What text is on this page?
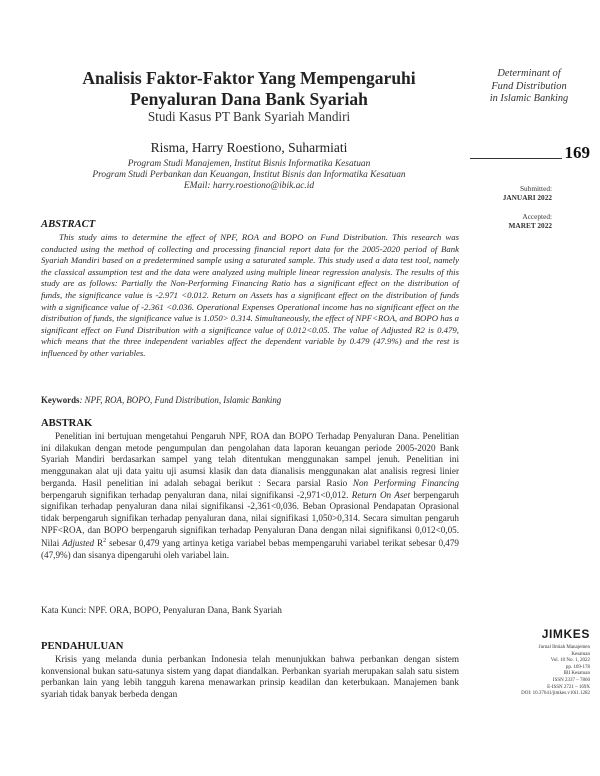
Analisis Faktor-Faktor Yang Mempengaruhi
Penyaluran Dana Bank Syariah
Studi Kasus PT Bank Syariah Mandiri
Risma, Harry Roestiono, Suharmiati
Program Studi Manajemen, Institut Bisnis Informatika Kesatuan
Program Studi Perbankan dan Keuangan, Institut Bisnis dan Informatika Kesatuan
EMail: harry.roestiono@ibik.ac.id
Determinant of
Fund Distribution
in Islamic Banking
169
Submitted:
JANUARI 2022
Accepted:
MARET 2022
ABSTRACT
This study aims to determine the effect of NPF, ROA and BOPO on Fund Distribution. This research was conducted using the method of collecting and processing financial report data for the 2005-2020 period of Bank Syariah Mandiri based on a predetermined sample using a saturated sample. This study used a data test tool, namely the classical assumption test and the data were analyzed using multiple linear regression analysis. The results of this study are as follows: Partially the Non-Performing Financing Ratio has a significant effect on the distribution of funds, the significance value is -2.971 <0.012. Return on Assets has a significant effect on the distribution of funds with a significance value of -2.361 <0.036. Operational Expenses Operational income has no significant effect on the distribution of funds, the significance value is 1.050> 0.314. Simultaneously, the effect of NPF<ROA, and BOPO has a significant effect on Fund Distribution with a significance value of 0.012<0.05. The value of Adjusted R2 is 0.479, which means that the three independent variables affect the dependent variable by 0.479 (47.9%) and the rest is influenced by other variables.
Keywords: NPF, ROA, BOPO, Fund Distribution, Islamic Banking
ABSTRAK
Penelitian ini bertujuan mengetahui Pengaruh NPF, ROA dan BOPO Terhadap Penyaluran Dana. Penelitian ini dilakukan dengan metode pengumpulan dan pengolahan data laporan keuangan periode 2005-2020 Bank Syariah Mandiri berdasarkan sampel yang telah ditentukan menggunakan sampel jenuh. Penelitian ini menggunakan alat uji data yaitu uji asumsi klasik dan data dianalisis menggunakan alat analisis regresi linier berganda. Hasil penelitian ini adalah sebagai berikut : Secara parsial Rasio Non Performing Financing berpengaruh signifikan terhadap penyaluran dana, nilai signifikansi -2,971<0,012. Return On Aset berpengaruh signifikan terhadap penyaluran dana nilai signifikansi -2,361<0,036. Beban Oprasional Pendapatan Oprasional tidak berpengaruh signifikan terhadap penyaluran dana, nilai signifikasi 1,050>0,314. Secara simultan pengaruh NPF<ROA, dan BOPO berpengaruh signifikan terhadap Penyaluran Dana dengan nilai signifikansi 0,012<0,05. Nilai Adjusted $R^2$ sebesar 0,479 yang artinya ketiga variabel bebas mempengaruhi variabel terikat sebesar 0,479 (47,9%) dan sisanya dipengaruhi oleh variabel lain.
Kata Kunci: NPF. ORA, BOPO, Penyaluran Dana, Bank Syariah
PENDAHULUAN
Krisis yang melanda dunia perbankan Indonesia telah menunjukkan bahwa perbankan dengan sistem konvensional bukan satu-satunya sistem yang dapat diandalkan. Perbankan syariah merupakan salah satu sistem perbankan lain yang lebih tangguh karena menawarkan prinsip keadilan dan keterbukaan. Manajemen bank syariah tidak banyak berbeda dengan
JIMKES
Jurnal Ilmiah Manajemen
Kesatuan
Vol. 10 No. 1, 2022
pp. 169-178
IBI Kesatuan
ISSN 2337 – 7860
E-ISSN 2721 – 169X
DOI: 10.37641/jimkes.v10i1.1282
